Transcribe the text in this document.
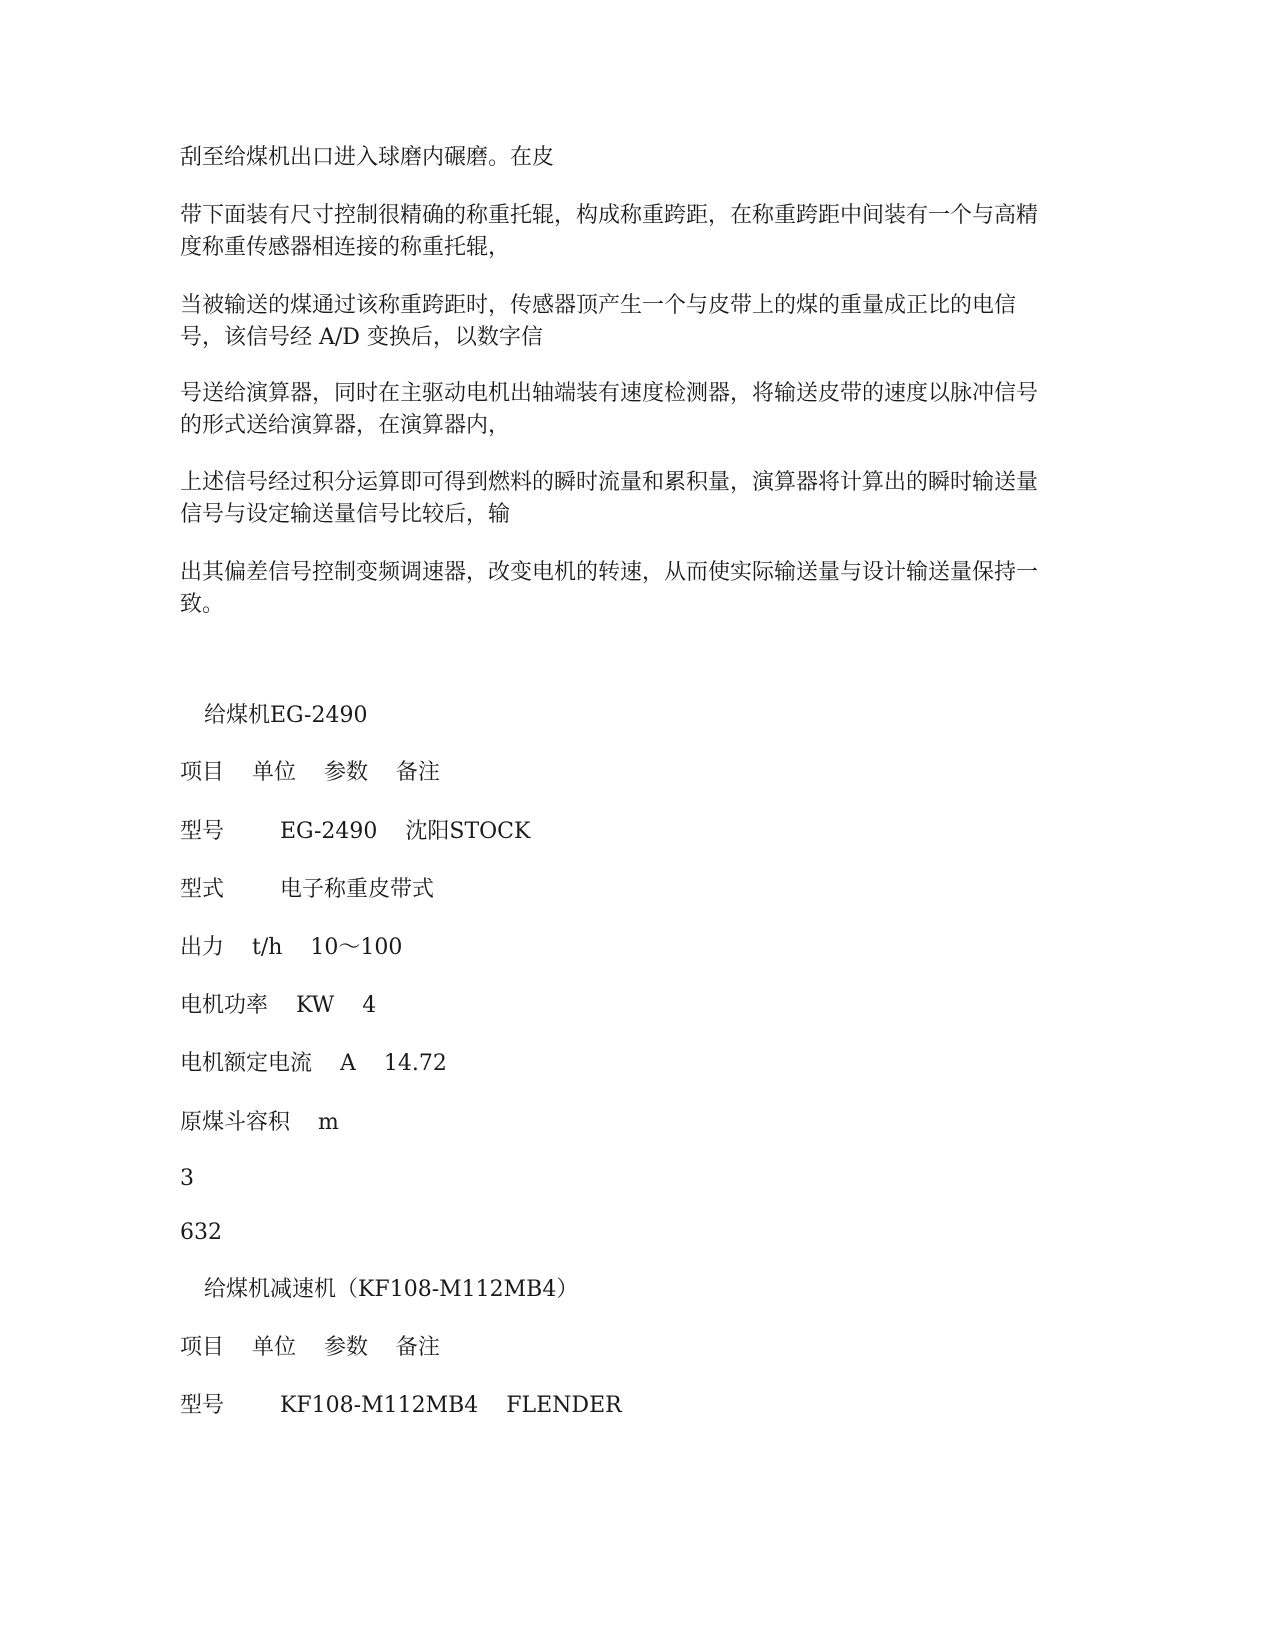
刮至给煤机出口进入球磨内碾磨。在皮

带下面装有尺寸控制很精确的称重托辊，构成称重跨距，在称重跨距中间装有一个与高精度称重传感器相连接的称重托辊，

当被输送的煤通过该称重跨距时，传感器顶产生一个与皮带上的煤的重量成正比的电信号，该信号经 A/D 变换后，以数字信

号送给演算器，同时在主驱动电机出轴端装有速度检测器，将输送皮带的速度以脉冲信号的形式送给演算器，在演算器内，

上述信号经过积分运算即可得到燃料的瞬时流量和累积量，演算器将计算出的瞬时输送量信号与设定输送量信号比较后，输

出其偏差信号控制变频调速器，改变电机的转速，从而使实际输送量与设计输送量保持一致。

给煤机EG-2490

项目    单位    参数    备注

型号        EG-2490    沈阳STOCK

型式        电子称重皮带式

出力    t/h    10～100

电机功率    KW    4

电机额定电流    A    14.72

原煤斗容积    m

3

632

给煤机减速机（KF108-M112MB4）

项目    单位    参数    备注

型号        KF108-M112MB4    FLENDER
